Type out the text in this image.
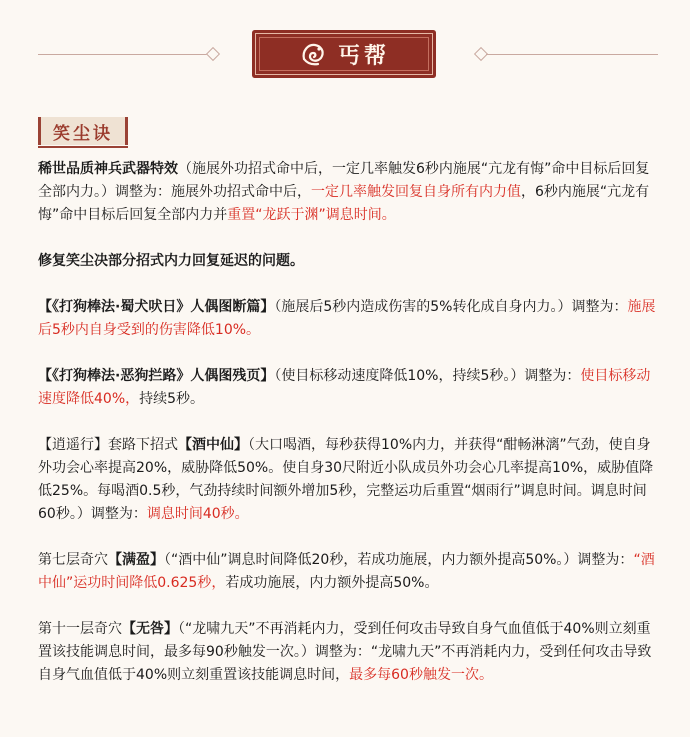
丐帮
笑尘诀

稀世品质神兵武器特效（施展外功招式命中后，一定几率触发6秒内施展“亢龙有悔”命中目标后回复全部内力。）调整为：施展外功招式命中后，一定几率触发回复自身所有内力值，6秒内施展“亢龙有悔”命中目标后回复全部内力并重置“龙跃于渊”调息时间。

修复笑尘决部分招式内力回复延迟的问题。

【《打狗棒法·蜀犬吠日》人偶图断篇】（施展后5秒内造成伤害的5%转化成自身内力。）调整为：施展后5秒内自身受到的伤害降低10%。

【《打狗棒法·恶狗拦路》人偶图残页】（使目标移动速度降低10%，持续5秒。）调整为：使目标移动速度降低40%，持续5秒。

【逍遥行】套路下招式【酒中仙】（大口喝酒，每秒获得10%内力，并获得“酣畅淋漓”气劲，使自身外功会心率提高20%，威胁降低50%。使自身30尺附近小队成员外功会心几率提高10%，威胁值降低25%。每喝酒0.5秒，气劲持续时间额外增加5秒，完整运功后重置“烟雨行”调息时间。调息时间60秒。）调整为：调息时间40秒。

第七层奇穴【满盈】（“酒中仙”调息时间降低20秒，若成功施展，内力额外提高50%。）调整为：“酒中仙”运功时间降低0.625秒，若成功施展，内力额外提高50%。

第十一层奇穴【无咎】（“龙啸九天”不再消耗内力，受到任何攻击导致自身气血值低于40%则立刻重置该技能调息时间，最多每90秒触发一次。）调整为：“龙啸九天”不再消耗内力，受到任何攻击导致自身气血值低于40%则立刻重置该技能调息时间，最多每60秒触发一次。
